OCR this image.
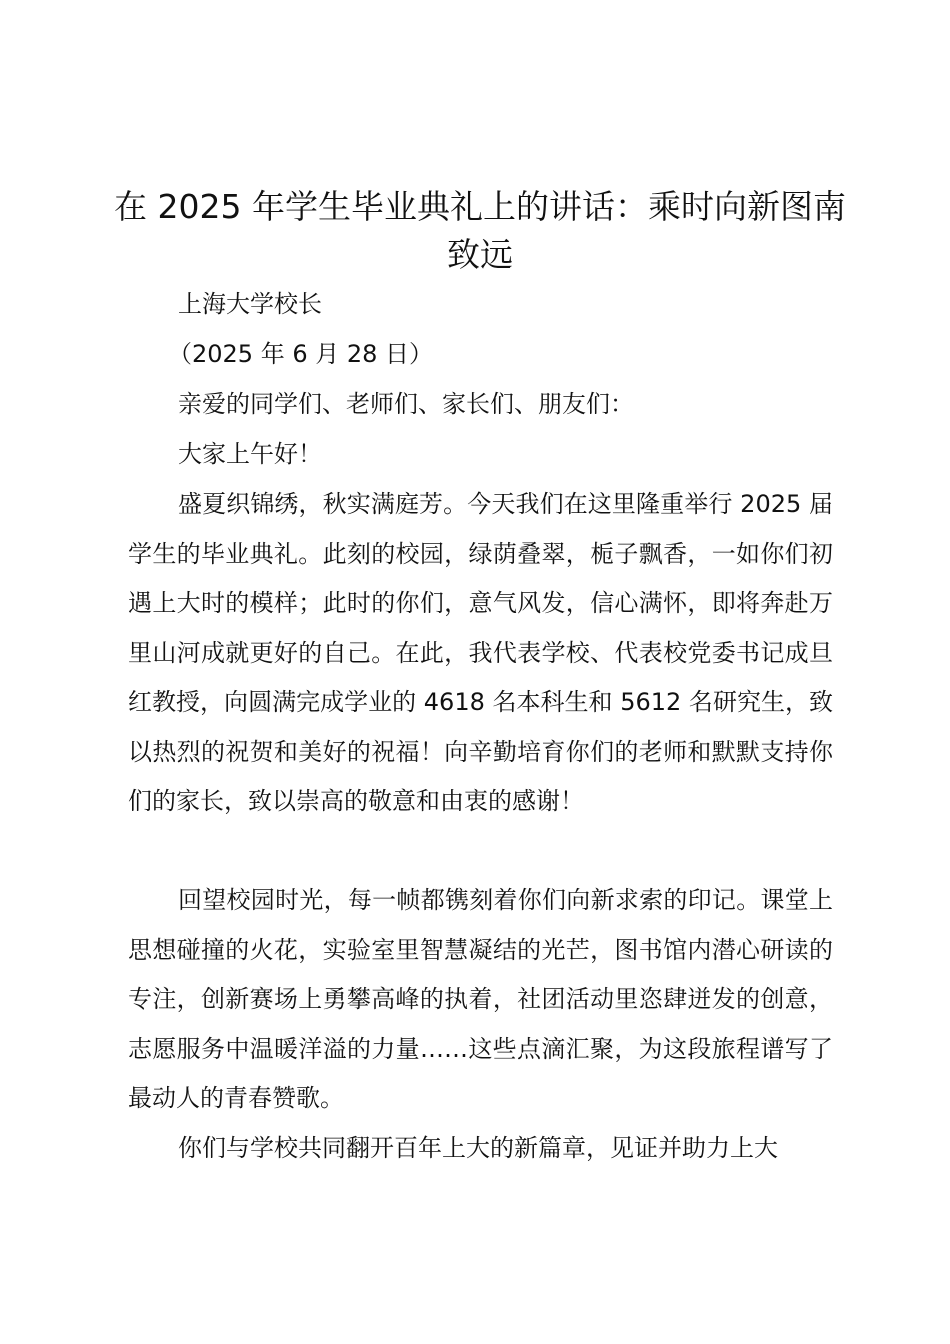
在 2025 年学生毕业典礼上的讲话：乘时向新图南致远

上海大学校长

（2025 年 6 月 28 日）

亲爱的同学们、老师们、家长们、朋友们：

大家上午好！

盛夏织锦绣，秋实满庭芳。今天我们在这里隆重举行 2025 届学生的毕业典礼。此刻的校园，绿荫叠翠，栀子飘香，一如你们初遇上大时的模样；此时的你们，意气风发，信心满怀，即将奔赴万里山河成就更好的自己。在此，我代表学校、代表校党委书记成旦红教授，向圆满完成学业的 4618 名本科生和 5612 名研究生，致以热烈的祝贺和美好的祝福！向辛勤培育你们的老师和默默支持你们的家长，致以崇高的敬意和由衷的感谢！

回望校园时光，每一帧都镌刻着你们向新求索的印记。课堂上思想碰撞的火花，实验室里智慧凝结的光芒，图书馆内潜心研读的专注，创新赛场上勇攀高峰的执着，社团活动里恣肆迸发的创意，志愿服务中温暖洋溢的力量……这些点滴汇聚，为这段旅程谱写了最动人的青春赞歌。

你们与学校共同翻开百年上大的新篇章，见证并助力上大
